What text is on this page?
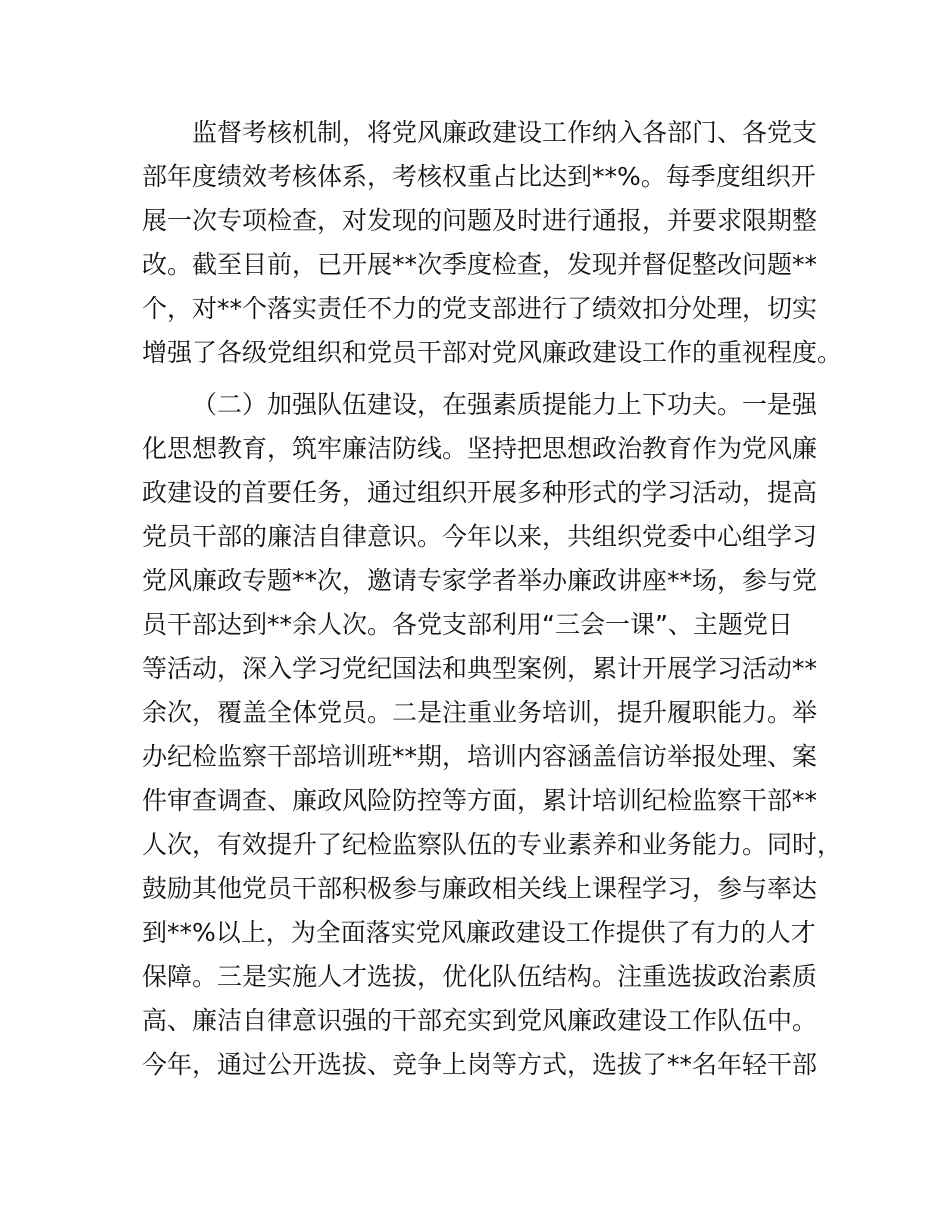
监督考核机制，将党风廉政建设工作纳入各部门、各党支
部年度绩效考核体系，考核权重占比达到**%。每季度组织开
展一次专项检查，对发现的问题及时进行通报，并要求限期整
改。截至目前，已开展**次季度检查，发现并督促整改问题**
个，对**个落实责任不力的党支部进行了绩效扣分处理，切实
增强了各级党组织和党员干部对党风廉政建设工作的重视程度。
（二）加强队伍建设，在强素质提能力上下功夫。一是强
化思想教育，筑牢廉洁防线。坚持把思想政治教育作为党风廉
政建设的首要任务，通过组织开展多种形式的学习活动，提高
党员干部的廉洁自律意识。今年以来，共组织党委中心组学习
党风廉政专题**次，邀请专家学者举办廉政讲座**场，参与党
员干部达到**余人次。各党支部利用“三会一课”、主题党日
等活动，深入学习党纪国法和典型案例，累计开展学习活动**
余次，覆盖全体党员。二是注重业务培训，提升履职能力。举
办纪检监察干部培训班**期，培训内容涵盖信访举报处理、案
件审查调查、廉政风险防控等方面，累计培训纪检监察干部**
人次，有效提升了纪检监察队伍的专业素养和业务能力。同时，
鼓励其他党员干部积极参与廉政相关线上课程学习，参与率达
到**%以上，为全面落实党风廉政建设工作提供了有力的人才
保障。三是实施人才选拔，优化队伍结构。注重选拔政治素质
高、廉洁自律意识强的干部充实到党风廉政建设工作队伍中。
今年，通过公开选拔、竞争上岗等方式，选拔了**名年轻干部
